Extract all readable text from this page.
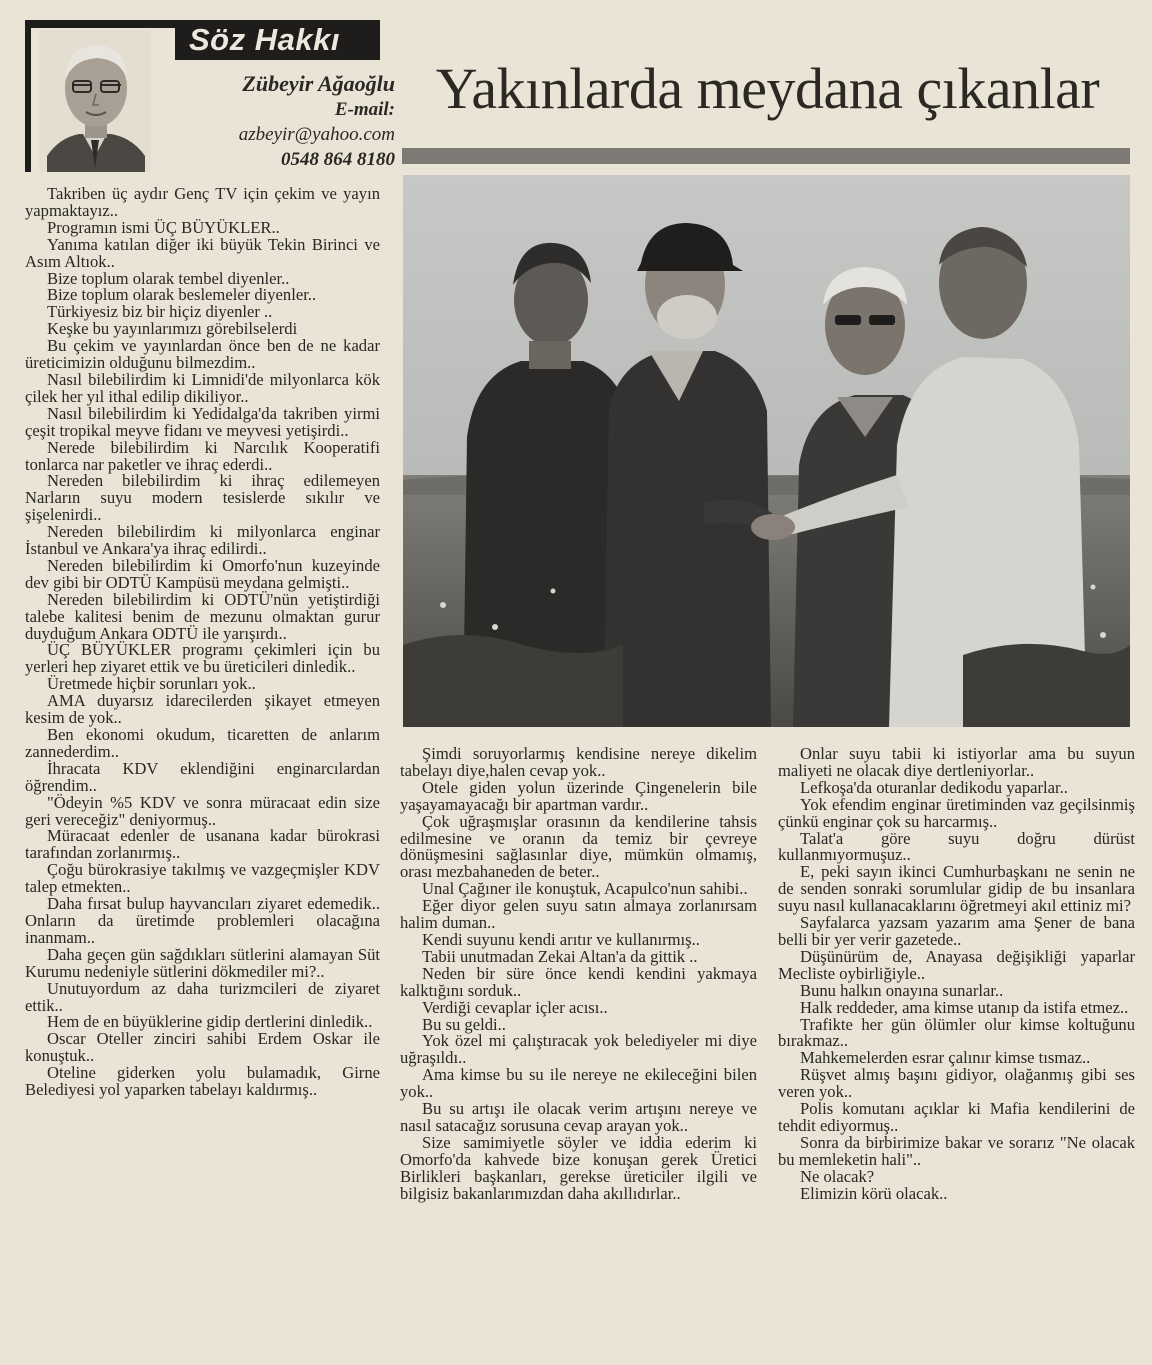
Söz Hakkı
Zübeyir Ağaoğlu
E-mail:
azbeyir@yahoo.com
0548 864 8180
Yakınlarda meydana çıkanlar

Takriben üç aydır Genç TV için çekim ve yayın yapmaktayız..

Programın ismi ÜÇ BÜYÜKLER..

Yanıma katılan diğer iki büyük Tekin Birinci ve Asım Altıok..

Bize toplum olarak tembel diyenler..

Bize toplum olarak beslemeler diyenler..

Türkiyesiz biz bir hiçiz diyenler ..

Keşke bu yayınlarımızı görebilselerdi

Bu çekim ve yayınlardan önce ben de ne kadar üreticimizin olduğunu bilmezdim..

Nasıl bilebilirdim ki Limnidi'de milyonlarca kök çilek her yıl ithal edilip dikiliyor..

Nasıl bilebilirdim ki Yedidalga'da takriben yirmi çeşit tropikal meyve fidanı ve meyvesi yetişirdi..

Nerede bilebilirdim ki Narcılık Kooperatifi tonlarca nar paketler ve ihraç ederdi..

Nereden bilebilirdim ki ihraç edilemeyen Narların suyu modern tesislerde sıkılır ve şişelenirdi..

Nereden bilebilirdim ki milyonlarca enginar İstanbul ve Ankara'ya ihraç edilirdi..

Nereden bilebilirdim ki Omorfo'nun kuzeyinde dev gibi bir ODTÜ Kampüsü meydana gelmişti..

Nereden bilebilirdim ki ODTÜ'nün yetiştirdiği talebe kalitesi benim de mezunu olmaktan gurur duyduğum Ankara ODTÜ ile yarışırdı..

ÜÇ BÜYÜKLER programı çekimleri için bu yerleri hep ziyaret ettik ve bu üreticileri dinledik..

Üretmede hiçbir sorunları yok..

AMA duyarsız idarecilerden şikayet etmeyen kesim de yok..

Ben ekonomi okudum, ticaretten de anlarım zannederdim..

İhracata KDV eklendiğini enginarcılardan öğrendim..

"Ödeyin %5 KDV ve sonra müracaat edin size geri vereceğiz" deniyormuş..

Müracaat edenler de usanana kadar bürokrasi tarafından zorlanırmış..

Çoğu bürokrasiye takılmış ve vazgeçmişler KDV talep etmekten..

Daha fırsat bulup hayvancıları ziyaret edemedik.. Onların da üretimde problemleri olacağına inanmam..

Daha geçen gün sağdıkları sütlerini alamayan Süt Kurumu nedeniyle sütlerini dökmediler mi?..

Unutuyordum az daha turizmcileri de ziyaret ettik..

Hem de en büyüklerine gidip dertlerini dinledik..

Oscar Oteller zinciri sahibi Erdem Oskar ile konuştuk..

Oteline giderken yolu bulamadık, Girne Belediyesi yol yaparken tabelayı kaldırmış..

Şimdi soruyorlarmış kendisine nereye dikelim tabelayı diye,halen cevap yok..

Otele giden yolun üzerinde Çingenelerin bile yaşayamayacağı bir apartman vardır..

Çok uğraşmışlar orasının da kendilerine tahsis edilmesine ve oranın da temiz bir çevreye dönüşmesini sağlasınlar diye, mümkün olmamış, orası mezbahaneden de beter..

Unal Çağıner ile konuştuk, Acapulco'nun sahibi..

Eğer diyor gelen suyu satın almaya zorlanırsam halim duman..

Kendi suyunu kendi arıtır ve kullanırmış..

Tabii unutmadan Zekai Altan'a da gittik ..

Neden bir süre önce kendi kendini yakmaya kalktığını sorduk..

Verdiği cevaplar içler acısı..

Bu su geldi..

Yok özel mi çalıştıracak yok belediyeler mi diye uğraşıldı..

Ama kimse bu su ile nereye ne ekileceğini bilen yok..

Bu su artışı ile olacak verim artışını nereye ve nasıl satacağız sorusuna cevap arayan yok..

Size samimiyetle söyler ve iddia ederim ki Omorfo'da kahvede bize konuşan gerek Üretici Birlikleri başkanları, gerekse üreticiler ilgili ve bilgisiz bakanlarımızdan daha akıllıdırlar..

Onlar suyu tabii ki istiyorlar ama bu suyun maliyeti ne olacak diye dertleniyorlar..

Lefkoşa'da oturanlar dedikodu yaparlar..

Yok efendim enginar üretiminden vaz geçilsinmiş çünkü enginar çok su harcarmış..

Talat'a göre suyu doğru dürüst kullanmıyormuşuz..

E, peki sayın ikinci Cumhurbaşkanı ne senin ne de senden sonraki sorumlular gidip de bu insanlara suyu nasıl kullanacaklarını öğretmeyi akıl ettiniz mi?

Sayfalarca yazsam yazarım ama Şener de bana belli bir yer verir gazetede..

Düşünürüm de, Anayasa değişikliği yaparlar Mecliste oybirliğiyle..

Bunu halkın onayına sunarlar..

Halk reddeder, ama kimse utanıp da istifa etmez..

Trafikte her gün ölümler olur kimse koltuğunu bırakmaz..

Mahkemelerden esrar çalınır kimse tısmaz..

Rüşvet almış başını gidiyor, olağanmış gibi ses veren yok..

Polis komutanı açıklar ki Mafia kendilerini de tehdit ediyormuş..

Sonra da birbirimize bakar ve sorarız "Ne olacak bu memleketin hali"..

Ne olacak?

Elimizin körü olacak..
